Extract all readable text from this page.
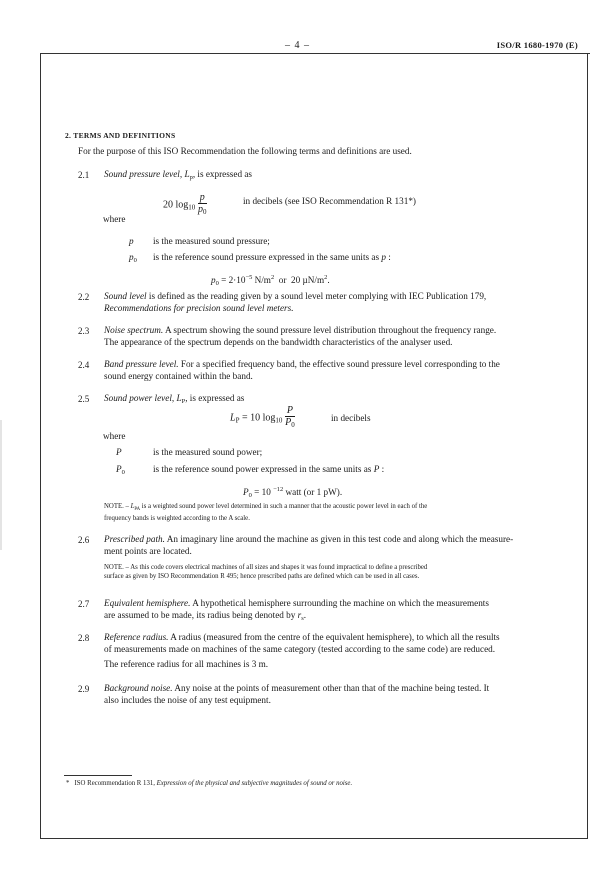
– 4 –	ISO/R 1680-1970 (E)
2. TERMS AND DEFINITIONS
For the purpose of this ISO Recommendation the following terms and definitions are used.
2.1 Sound pressure level, $L_p$, is expressed as
20 $\log_{10} \frac{p}{p_0}$	in decibels (see ISO Recommendation R 131*)
where
p is the measured sound pressure;
$p_0$ is the reference sound pressure expressed in the same units as p :
$p_0 = 2\cdot 10^{-5}$ $N/m^2$  or  20 $\mu N/m^2$.
2.2 Sound level is defined as the reading given by a sound level meter complying with IEC Publication 179,
Recommendations for precision sound level meters.
2.3 Noise spectrum. A spectrum showing the sound pressure level distribution throughout the frequency range.
The appearance of the spectrum depends on the bandwidth characteristics of the analyser used.
2.4 Band pressure level. For a specified frequency band, the effective sound pressure level corresponding to the
sound energy contained within the band.
2.5 Sound power level, $L_P$, is expressed as
$L_P = 10$ $\log_{10} \frac{P}{P_0}$	in decibels
where
P	is the measured sound power;
$P_0$	is the reference sound power expressed in the same units as P :
$P_0 = 10$ $^{-12}$ watt (or 1 pW).
NOTE. – $L_{PA}$ is a weighted sound power level determined in such a manner that the acoustic power level in each of the
frequency bands is weighted according to the A scale.
2.6 Prescribed path. An imaginary line around the machine as given in this test code and along which the measure-
ment points are located.
NOTE. – As this code covers electrical machines of all sizes and shapes it was found impractical to define a prescribed
surface as given by ISO Recommendation R 495; hence prescribed paths are defined which can be used in all cases.
2.7 Equivalent hemisphere. A hypothetical hemisphere surrounding the machine on which the measurements
are assumed to be made, its radius being denoted by $r_s$.
2.8 Reference radius. A radius (measured from the centre of the equivalent hemisphere), to which all the results
of measurements made on machines of the same category (tested according to the same code) are reduced.
The reference radius for all machines is 3 m.
2.9 Background noise. Any noise at the points of measurement other than that of the machine being tested. It
also includes the noise of any test equipment.
* ISO Recommendation R 131, Expression of the physical and subjective magnitudes of sound or noise.
